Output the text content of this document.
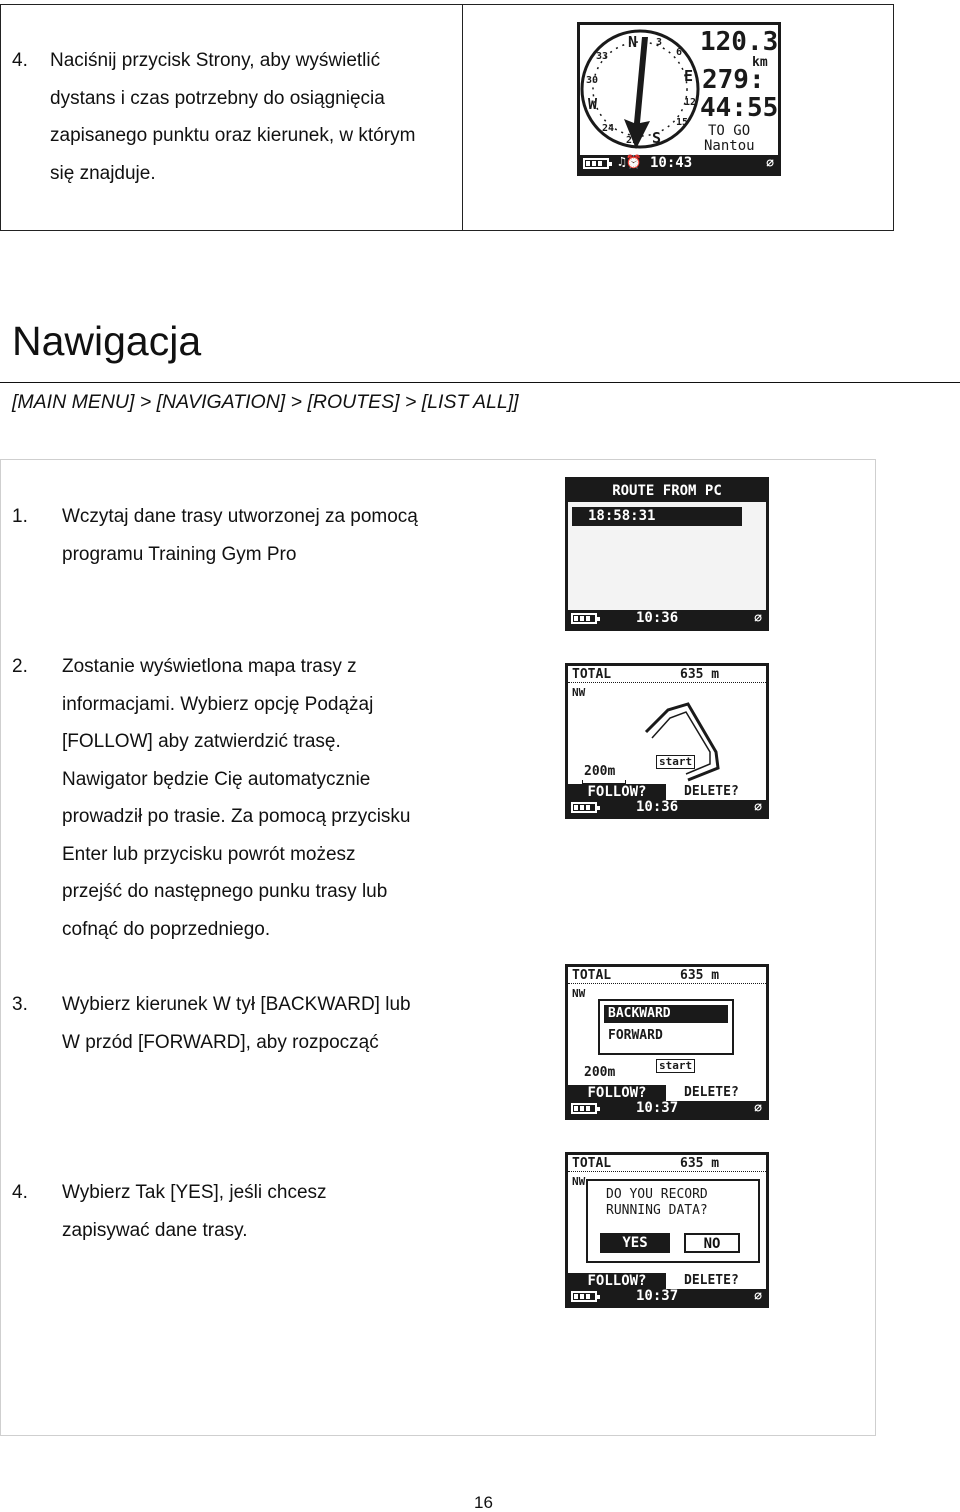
4. Naciśnij przycisk Strony, aby wyświetlić
dystans i czas potrzebny do osiągnięcia
zapisanego punktu oraz kierunek, w którym
się znajduje.
N 3
6
E
12
15
S
21
24
W
30
33	120.3
km
279:
44:55
TO GO
Nantou
♫⏰ 10:43	⌀
Nawigacja
[MAIN MENU] > [NAVIGATION] > [ROUTES] > [LIST ALL]]
1. Wczytaj dane trasy utworzonej za pomocą
programu Training Gym Pro
ROUTE FROM PC
18:58:31
10:36	⌀
2. Zostanie wyświetlona mapa trasy z
informacjami. Wybierz opcję Podążaj
[FOLLOW] aby zatwierdzić trasę.
Nawigator będzie Cię automatycznie
prowadził po trasie. Za pomocą przycisku
Enter lub przycisku powrót możesz
przejść do następnego punku trasy lub
cofnąć do poprzedniego.
TOTAL	635 m
NW
start
200m
FOLLOW?	DELETE?
10:36	⌀
3. Wybierz kierunek W tył [BACKWARD] lub
W przód [FORWARD], aby rozpocząć
TOTAL	635 m
NW
BACKWARD
FORWARD
start
200m
FOLLOW?	DELETE?
10:37	⌀
4. Wybierz Tak [YES], jeśli chcesz
zapisywać dane trasy.
TOTAL	635 m
NW
DO YOU RECORD
RUNNING DATA?
YES	NO
FOLLOW?	DELETE?
10:37	⌀
16
